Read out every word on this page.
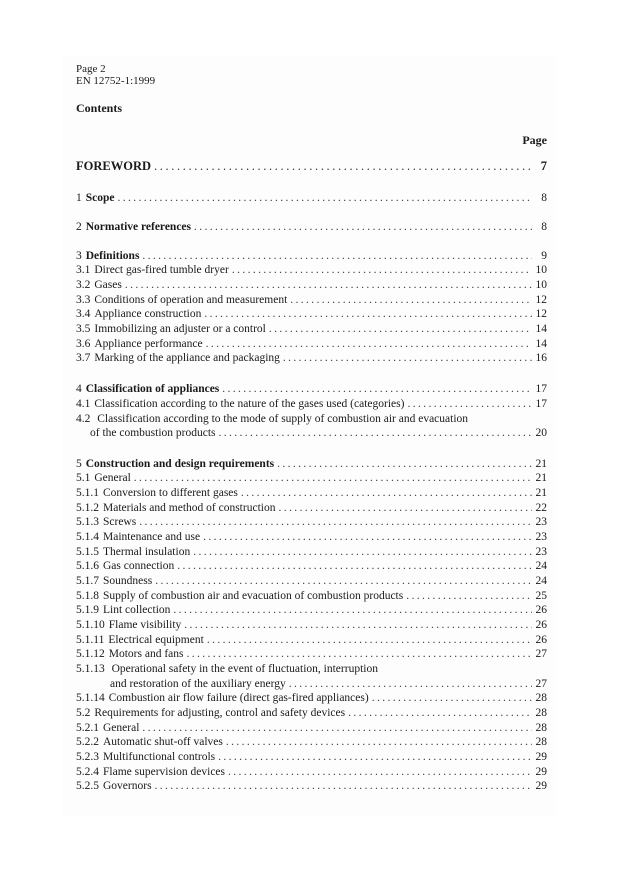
Page 2
EN 12752-1:1999
Contents
Page
FOREWORD . . .	7
1 Scope . . .	8
2 Normative references . . .	8
3 Definitions . . .	9
3.1 Direct gas-fired tumble dryer . . .	10
3.2 Gases . . .	10
3.3 Conditions of operation and measurement . . .	12
3.4 Appliance construction . . .	12
3.5 Immobilizing an adjuster or a control . . .	14
3.6 Appliance performance . . .	14
3.7 Marking of the appliance and packaging . . .	16
4 Classification of appliances . . .	17
4.1 Classification according to the nature of the gases used (categories) . . .	17
4.2 Classification according to the mode of supply of combustion air and evacuation
of the combustion products . . .	20
5 Construction and design requirements . . .	21
5.1 General . . .	21
5.1.1 Conversion to different gases . . .	21
5.1.2 Materials and method of construction . . .	22
5.1.3 Screws . . .	23
5.1.4 Maintenance and use . . .	23
5.1.5 Thermal insulation . . .	23
5.1.6 Gas connection . . .	24
5.1.7 Soundness . . .	24
5.1.8 Supply of combustion air and evacuation of combustion products . . .	25
5.1.9 Lint collection . . .	26
5.1.10 Flame visibility . . .	26
5.1.11 Electrical equipment . . .	26
5.1.12 Motors and fans . . .	27
5.1.13 Operational safety in the event of fluctuation, interruption
and restoration of the auxiliary energy . . .	27
5.1.14 Combustion air flow failure (direct gas-fired appliances) . . .	28
5.2 Requirements for adjusting, control and safety devices . . .	28
5.2.1 General . . .	28
5.2.2 Automatic shut-off valves . . .	28
5.2.3 Multifunctional controls . . .	29
5.2.4 Flame supervision devices . . .	29
5.2.5 Governors . . .	29
